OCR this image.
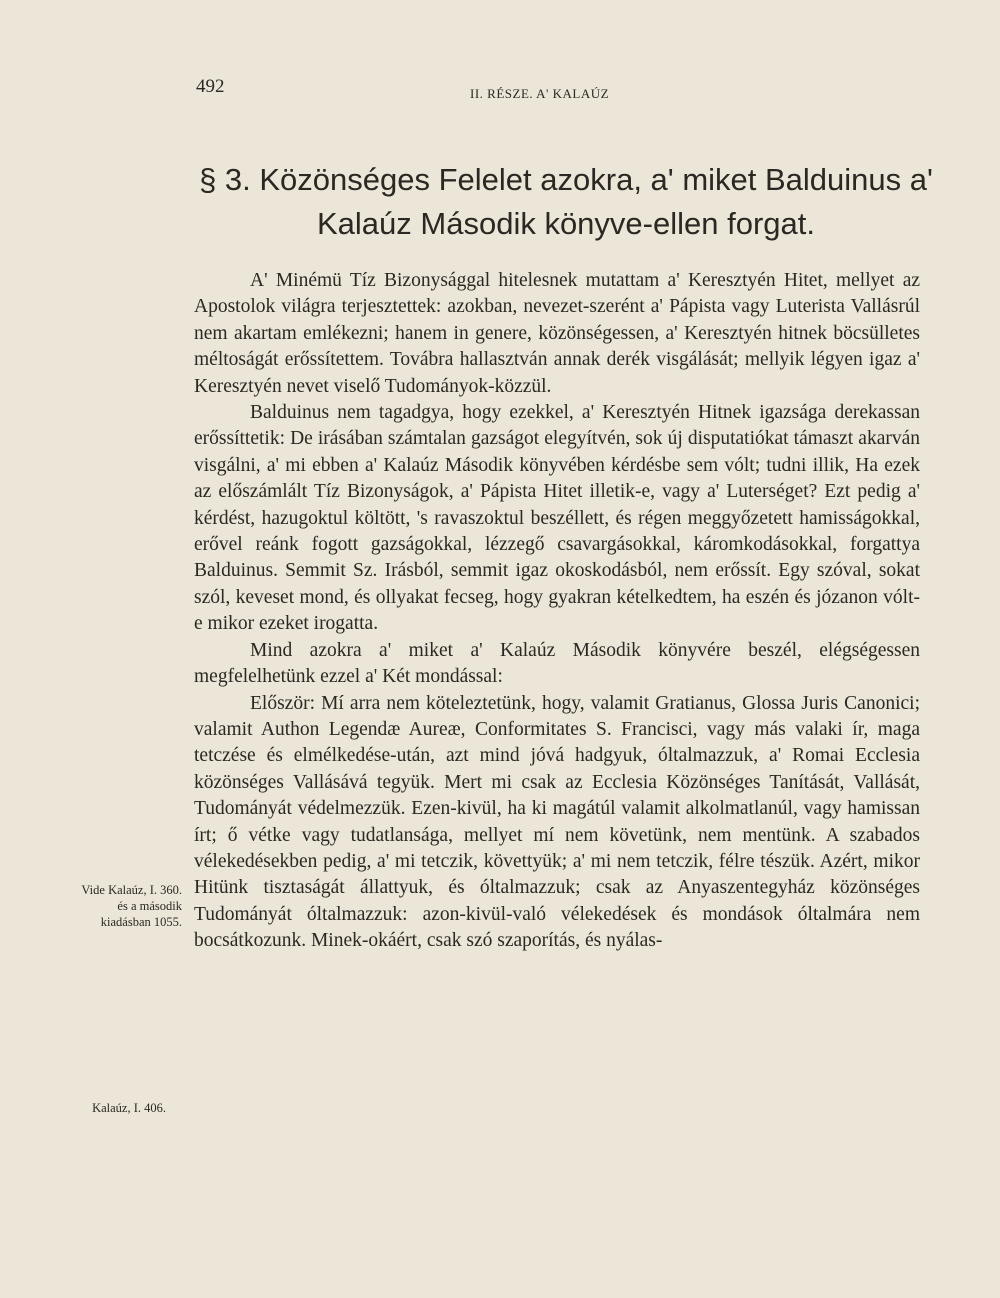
492	II. RÉSZE. A' KALAÚZ
§ 3. Közönséges Felelet azokra, a' miket Balduinus a'
Kalaúz Második könyve-ellen forgat.

A' Minémü Tíz Bizonysággal hitelesnek mutattam a' Keresztyén Hitet, mellyet az Apostolok világra terjesztettek: azokban, nevezet-szerént a' Pápista vagy Luterista Vallásrúl nem akartam emlékezni; hanem in genere, közönségessen, a' Keresztyén hitnek böcsülletes méltoságát erőssítettem. Továbra hallasztván annak derék visgálását; mellyik légyen igaz a' Keresztyén nevet viselő Tudományok-közzül.

Balduinus nem tagadgya, hogy ezekkel, a' Keresztyén Hitnek igazsága derekassan erőssíttetik: De irásában számtalan gazságot elegyítvén, sok új disputatiókat támaszt akarván visgálni, a' mi ebben a' Kalaúz Második könyvében kérdésbe sem vólt; tudni illik, Ha ezek az előszámlált Tíz Bizonyságok, a' Pápista Hitet illetik-e, vagy a' Luterséget? Ezt pedig a' kérdést, hazugoktul költött, 's ravaszoktul beszéllett, és régen meggyőzetett hamisságokkal, erővel reánk fogott gazságokkal, lézzegő csavargásokkal, káromkodásokkal, forgattya Balduinus. Semmit Sz. Irásból, semmit igaz okoskodásból, nem erőssít. Egy szóval, sokat szól, keveset mond, és ollyakat fecseg, hogy gyakran kételkedtem, ha eszén és józanon vólt-e mikor ezeket irogatta.

Mind azokra a' miket a' Kalaúz Második könyvére beszél, elégségessen megfelelhetünk ezzel a' Két mondással:

Először: Mí arra nem köteleztetünk, hogy, valamit Gratianus, Glossa Juris Canonici; valamit Authon Legendæ Aureæ, Conformitates S. Francisci, vagy más valaki ír, maga tetczése és elmélkedése-után, azt mind jóvá hadgyuk, óltalmazzuk, a' Romai Ecclesia közönséges Vallásává tegyük. Mert mi csak az Ecclesia Közönséges Tanítását, Vallását, Tudományát védelmezzük. Ezen-kivül, ha ki magátúl valamit alkolmatlanúl, vagy hamissan írt; ő vétke vagy tudatlansága, mellyet mí nem követünk, nem mentünk. A szabados vélekedésekben pedig, a' mi tetczik, követtyük; a' mi nem tetczik, félre tészük. Azért, mikor Hitünk tisztaságát állattyuk, és óltalmazzuk; csak az Anyaszentegyház közönséges Tudományát óltalmazzuk: azon-kivül-való vélekedések és mondások óltalmára nem bocsátkozunk. Minek-okáért, csak szó szaporítás, és nyálas-

Vide Kalaúz, I. 360. és a második kiadásban 1055.
Kalaúz, I. 406.
